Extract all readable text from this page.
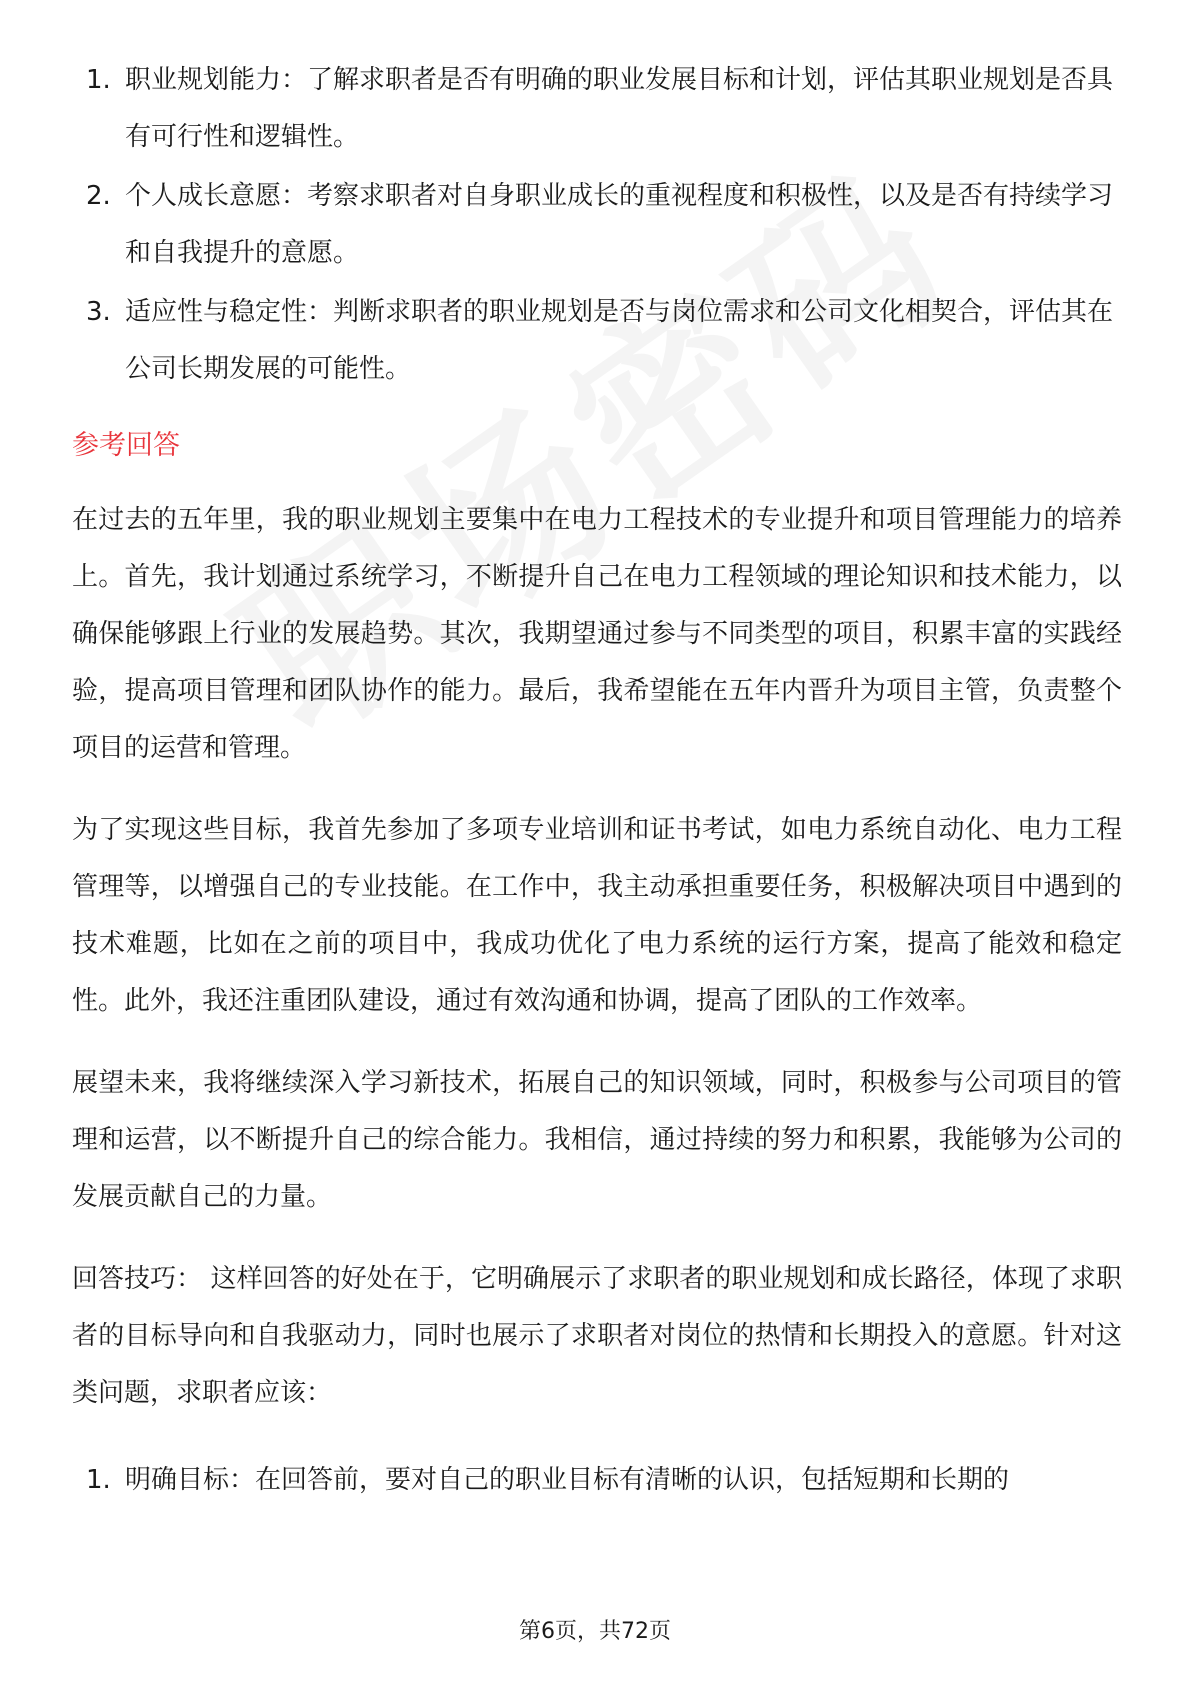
1. 职业规划能力：了解求职者是否有明确的职业发展目标和计划，评估其职业规划是否具有可行性和逻辑性。
2. 个人成长意愿：考察求职者对自身职业成长的重视程度和积极性，以及是否有持续学习和自我提升的意愿。
3. 适应性与稳定性：判断求职者的职业规划是否与岗位需求和公司文化相契合，评估其在公司长期发展的可能性。
参考回答

在过去的五年里，我的职业规划主要集中在电力工程技术的专业提升和项目管理能力的培养上。首先，我计划通过系统学习，不断提升自己在电力工程领域的理论知识和技术能力，以确保能够跟上行业的发展趋势。其次，我期望通过参与不同类型的项目，积累丰富的实践经验，提高项目管理和团队协作的能力。最后，我希望能在五年内晋升为项目主管，负责整个项目的运营和管理。

为了实现这些目标，我首先参加了多项专业培训和证书考试，如电力系统自动化、电力工程管理等，以增强自己的专业技能。在工作中，我主动承担重要任务，积极解决项目中遇到的技术难题，比如在之前的项目中，我成功优化了电力系统的运行方案，提高了能效和稳定性。此外，我还注重团队建设，通过有效沟通和协调，提高了团队的工作效率。

展望未来，我将继续深入学习新技术，拓展自己的知识领域，同时，积极参与公司项目的管理和运营，以不断提升自己的综合能力。我相信，通过持续的努力和积累，我能够为公司的发展贡献自己的力量。

回答技巧： 这样回答的好处在于，它明确展示了求职者的职业规划和成长路径，体现了求职者的目标导向和自我驱动力，同时也展示了求职者对岗位的热情和长期投入的意愿。针对这类问题，求职者应该：

1. 明确目标：在回答前，要对自己的职业目标有清晰的认识，包括短期和长期的
第6页，共72页
